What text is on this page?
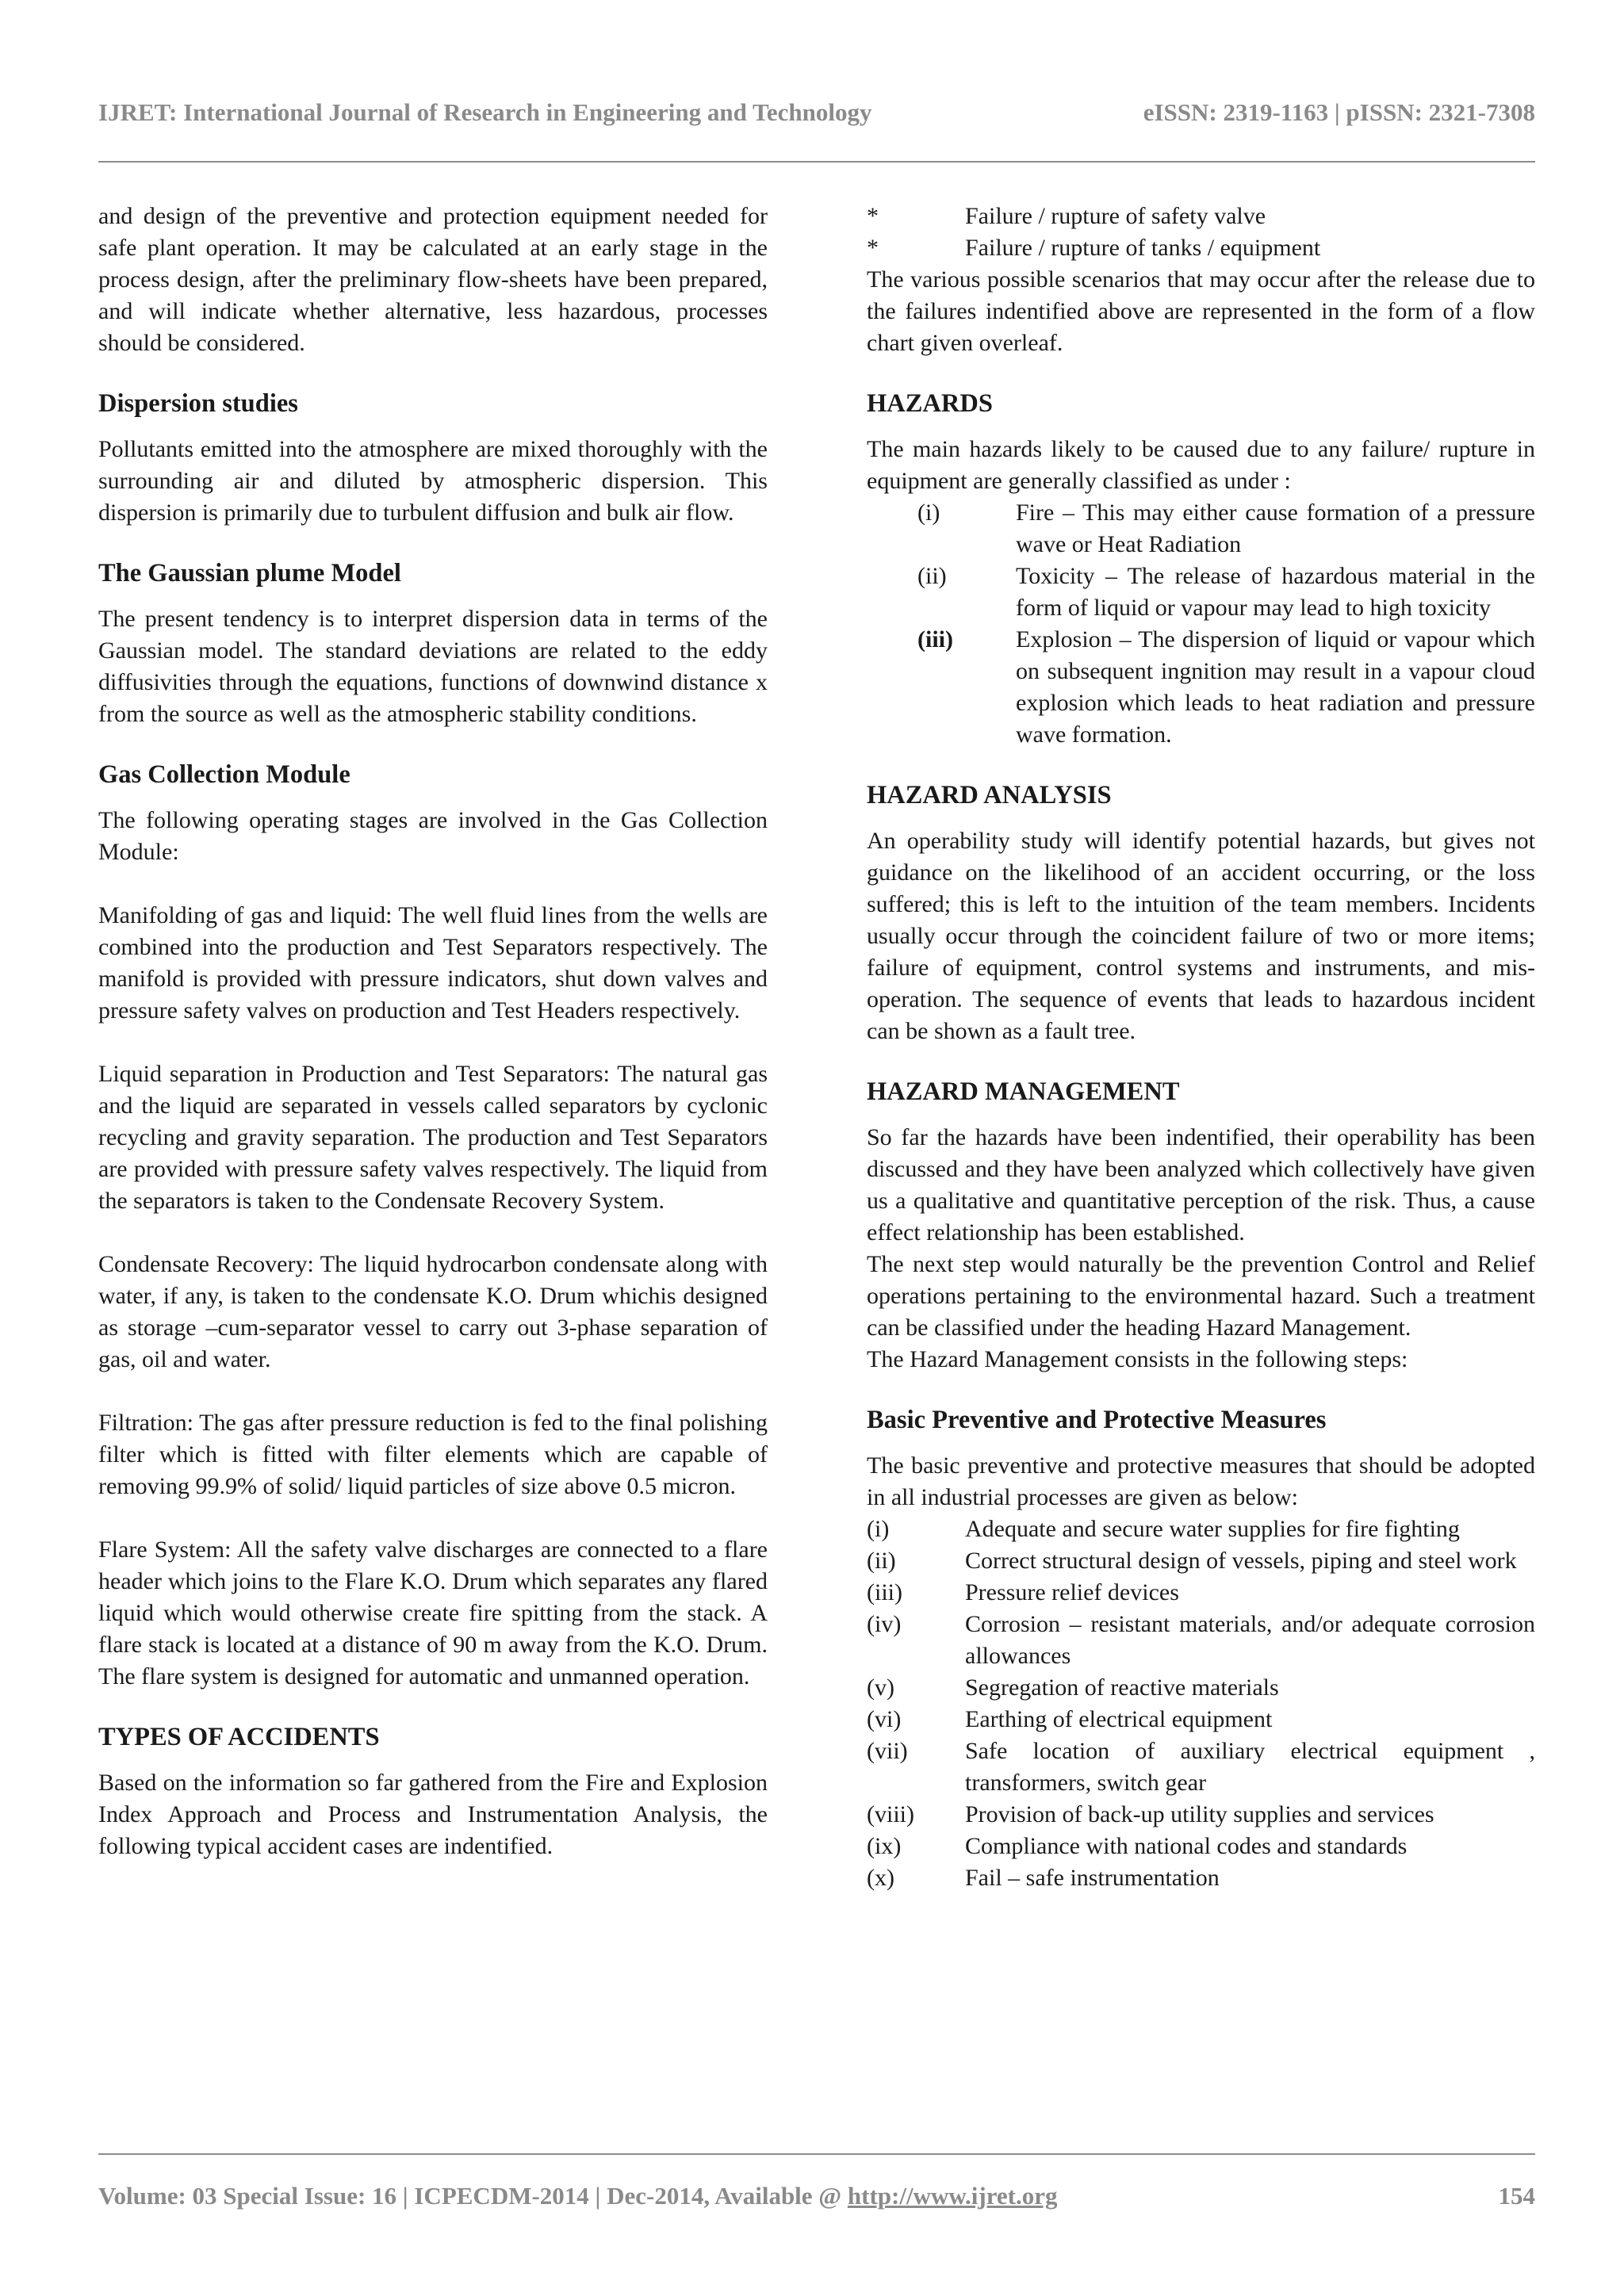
IJRET: International Journal of Research in Engineering and Technology	eISSN: 2319-1163 | pISSN: 2321-7308

and design of the preventive and protection equipment needed for safe plant operation. It may be calculated at an early stage in the process design, after the preliminary flow-sheets have been prepared, and will indicate whether alternative, less hazardous, processes should be considered.

Dispersion studies

Pollutants emitted into the atmosphere are mixed thoroughly with the surrounding air and diluted by atmospheric dispersion. This dispersion is primarily due to turbulent diffusion and bulk air flow.

The Gaussian plume Model

The present tendency is to interpret dispersion data in terms of the Gaussian model. The standard deviations are related to the eddy diffusivities through the equations, functions of downwind distance x from the source as well as the atmospheric stability conditions.

Gas Collection Module

The following operating stages are involved in the Gas Collection Module:

Manifolding of gas and liquid: The well fluid lines from the wells are combined into the production and Test Separators respectively. The manifold is provided with pressure indicators, shut down valves and pressure safety valves on production and Test Headers respectively.

Liquid separation in Production and Test Separators: The natural gas and the liquid are separated in vessels called separators by cyclonic recycling and gravity separation. The production and Test Separators are provided with pressure safety valves respectively. The liquid from the separators is taken to the Condensate Recovery System.

Condensate Recovery: The liquid hydrocarbon condensate along with water, if any, is taken to the condensate K.O. Drum whichis designed as storage –cum-separator vessel to carry out 3-phase separation of gas, oil and water.

Filtration: The gas after pressure reduction is fed to the final polishing filter which is fitted with filter elements which are capable of removing 99.9% of solid/ liquid particles of size above 0.5 micron.

Flare System: All the safety valve discharges are connected to a flare header which joins to the Flare K.O. Drum which separates any flared liquid which would otherwise create fire spitting from the stack. A flare stack is located at a distance of 90 m away from the K.O. Drum. The flare system is designed for automatic and unmanned operation.

TYPES OF ACCIDENTS

Based on the information so far gathered from the Fire and Explosion Index Approach and Process and Instrumentation Analysis, the following typical accident cases are indentified.

*	Failure / rupture of safety valve
*	Failure / rupture of tanks / equipment

The various possible scenarios that may occur after the release due to the failures indentified above are represented in the form of a flow chart given overleaf.

HAZARDS

The main hazards likely to be caused due to any failure/ rupture in equipment are generally classified as under :

(i)	Fire – This may either cause formation of a pressure wave or Heat Radiation
(ii)	Toxicity – The release of hazardous material in the form of liquid or vapour may lead to high toxicity
(iii)	Explosion – The dispersion of liquid or vapour which on subsequent ingnition may result in a vapour cloud explosion which leads to heat radiation and pressure wave formation.
HAZARD ANALYSIS

An operability study will identify potential hazards, but gives not guidance on the likelihood of an accident occurring, or the loss suffered; this is left to the intuition of the team members. Incidents usually occur through the coincident failure of two or more items; failure of equipment, control systems and instruments, and mis-operation. The sequence of events that leads to hazardous incident can be shown as a fault tree.

HAZARD MANAGEMENT

So far the hazards have been indentified, their operability has been discussed and they have been analyzed which collectively have given us a qualitative and quantitative perception of the risk. Thus, a cause effect relationship has been established.

The next step would naturally be the prevention Control and Relief operations pertaining to the environmental hazard. Such a treatment can be classified under the heading Hazard Management.

The Hazard Management consists in the following steps:

Basic Preventive and Protective Measures

The basic preventive and protective measures that should be adopted in all industrial processes are given as below:

(i)	Adequate and secure water supplies for fire fighting
(ii)	Correct structural design of vessels, piping and steel work
(iii)	Pressure relief devices
(iv)	Corrosion – resistant materials, and/or adequate corrosion allowances
(v)	Segregation of reactive materials
(vi)	Earthing of electrical equipment
(vii)	Safe location of auxiliary electrical equipment , transformers, switch gear
(viii)	Provision of back-up utility supplies and services
(ix)	Compliance with national codes and standards
(x)	Fail – safe instrumentation
Volume: 03 Special Issue: 16 | ICPECDM-2014 | Dec-2014, Available @ http://www.ijret.org	154
